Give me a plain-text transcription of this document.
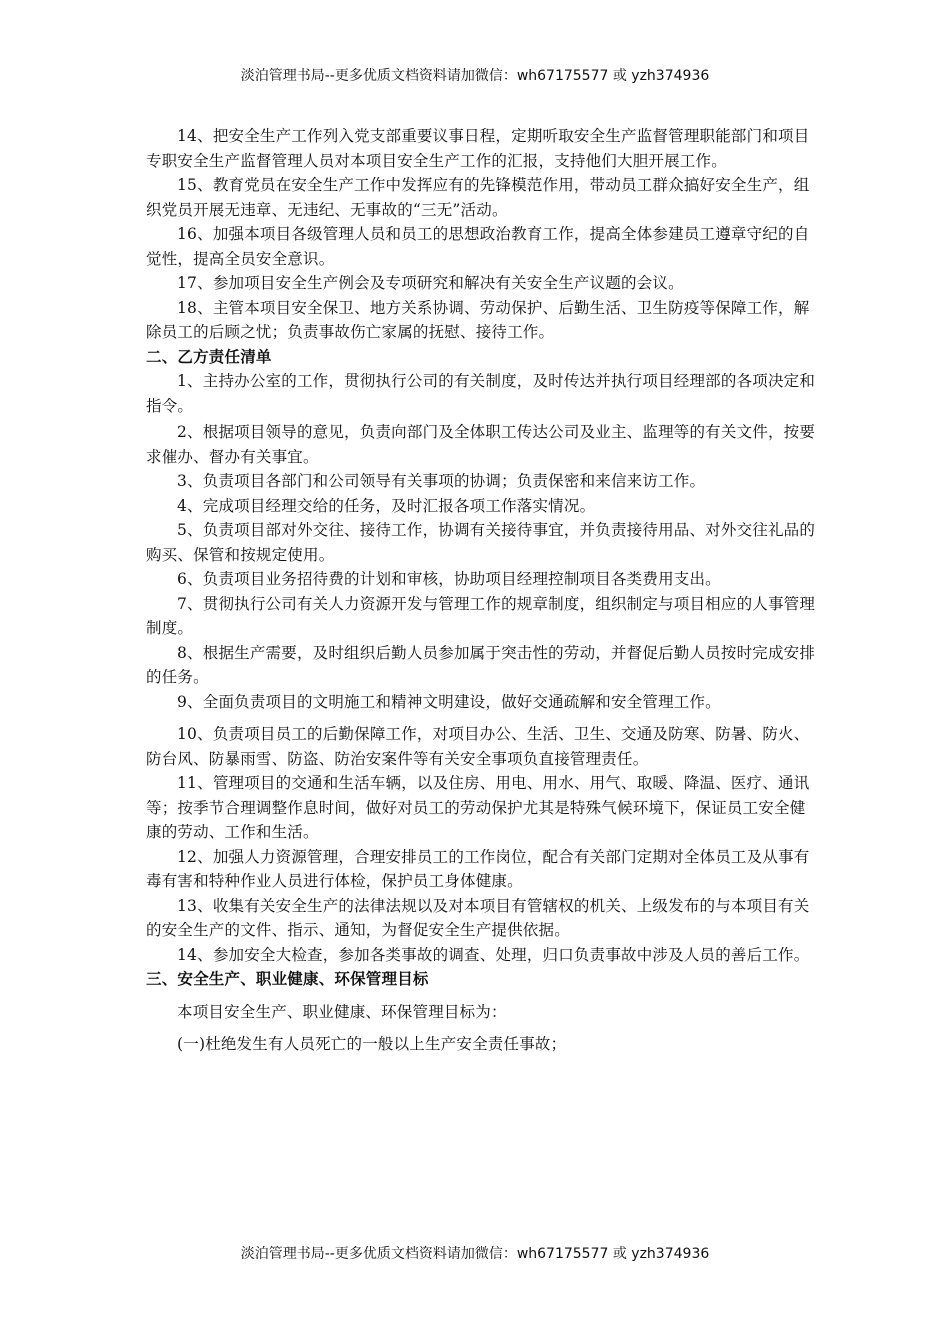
淡泊管理书局--更多优质文档资料请加微信：wh67175577 或 yzh374936

14、把安全生产工作列入党支部重要议事日程，定期听取安全生产监督管理职能部门和项目专职安全生产监督管理人员对本项目安全生产工作的汇报，支持他们大胆开展工作。

15、教育党员在安全生产工作中发挥应有的先锋模范作用，带动员工群众搞好安全生产，组织党员开展无违章、无违纪、无事故的“三无”活动。

16、加强本项目各级管理人员和员工的思想政治教育工作，提高全体参建员工遵章守纪的自觉性，提高全员安全意识。

17、参加项目安全生产例会及专项研究和解决有关安全生产议题的会议。

18、主管本项目安全保卫、地方关系协调、劳动保护、后勤生活、卫生防疫等保障工作，解除员工的后顾之忧；负责事故伤亡家属的抚慰、接待工作。

二、乙方责任清单

1、主持办公室的工作，贯彻执行公司的有关制度，及时传达并执行项目经理部的各项决定和指令。

2、根据项目领导的意见，负责向部门及全体职工传达公司及业主、监理等的有关文件，按要求催办、督办有关事宜。

3、负责项目各部门和公司领导有关事项的协调；负责保密和来信来访工作。

4、完成项目经理交给的任务，及时汇报各项工作落实情况。

5、负责项目部对外交往、接待工作，协调有关接待事宜，并负责接待用品、对外交往礼品的购买、保管和按规定使用。

6、负责项目业务招待费的计划和审核，协助项目经理控制项目各类费用支出。

7、贯彻执行公司有关人力资源开发与管理工作的规章制度，组织制定与项目相应的人事管理制度。

8、根据生产需要，及时组织后勤人员参加属于突击性的劳动，并督促后勤人员按时完成安排的任务。

9、全面负责项目的文明施工和精神文明建设，做好交通疏解和安全管理工作。

10、负责项目员工的后勤保障工作，对项目办公、生活、卫生、交通及防寒、防暑、防火、防台风、防暴雨雪、防盗、防治安案件等有关安全事项负直接管理责任。

11、管理项目的交通和生活车辆，以及住房、用电、用水、用气、取暖、降温、医疗、通讯等；按季节合理调整作息时间，做好对员工的劳动保护尤其是特殊气候环境下，保证员工安全健康的劳动、工作和生活。

12、加强人力资源管理，合理安排员工的工作岗位，配合有关部门定期对全体员工及从事有毒有害和特种作业人员进行体检，保护员工身体健康。

13、收集有关安全生产的法律法规以及对本项目有管辖权的机关、上级发布的与本项目有关的安全生产的文件、指示、通知，为督促安全生产提供依据。

14、参加安全大检查，参加各类事故的调查、处理，归口负责事故中涉及人员的善后工作。

三、安全生产、职业健康、环保管理目标

本项目安全生产、职业健康、环保管理目标为：

(一)杜绝发生有人员死亡的一般以上生产安全责任事故；

淡泊管理书局--更多优质文档资料请加微信：wh67175577 或 yzh374936
